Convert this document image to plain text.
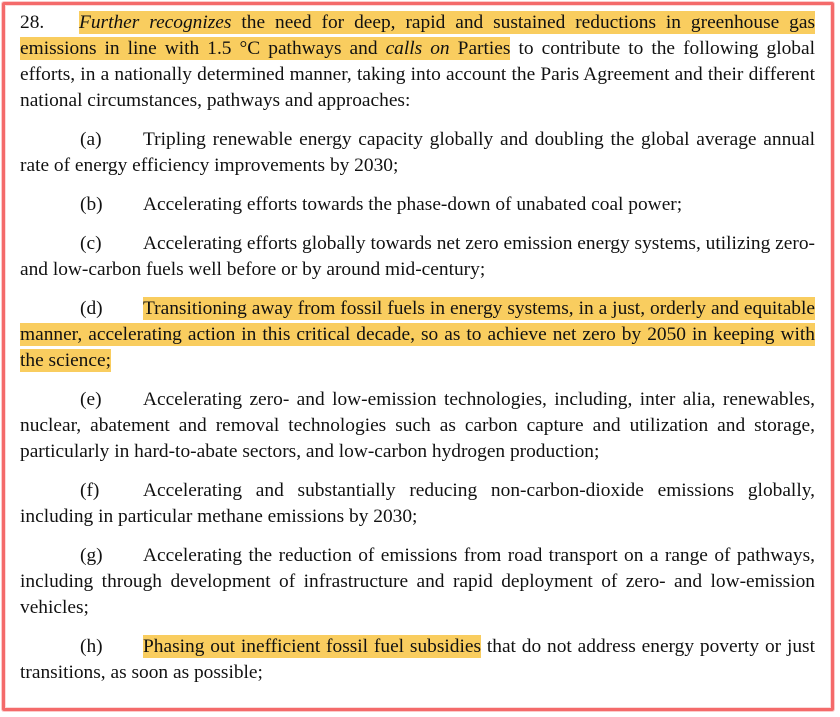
28. Further recognizes the need for deep, rapid and sustained reductions in greenhouse gas emissions in line with 1.5 °C pathways and calls on Parties to contribute to the following global efforts, in a nationally determined manner, taking into account the Paris Agreement and their different national circumstances, pathways and approaches:

(a) Tripling renewable energy capacity globally and doubling the global average annual rate of energy efficiency improvements by 2030;

(b) Accelerating efforts towards the phase-down of unabated coal power;

(c) Accelerating efforts globally towards net zero emission energy systems, utilizing zero- and low-carbon fuels well before or by around mid-century;

(d) Transitioning away from fossil fuels in energy systems, in a just, orderly and equitable manner, accelerating action in this critical decade, so as to achieve net zero by 2050 in keeping with the science;

(e) Accelerating zero- and low-emission technologies, including, inter alia, renewables, nuclear, abatement and removal technologies such as carbon capture and utilization and storage, particularly in hard-to-abate sectors, and low-carbon hydrogen production;

(f) Accelerating and substantially reducing non-carbon-dioxide emissions globally, including in particular methane emissions by 2030;

(g) Accelerating the reduction of emissions from road transport on a range of pathways, including through development of infrastructure and rapid deployment of zero- and low-emission vehicles;

(h) Phasing out inefficient fossil fuel subsidies that do not address energy poverty or just transitions, as soon as possible;
